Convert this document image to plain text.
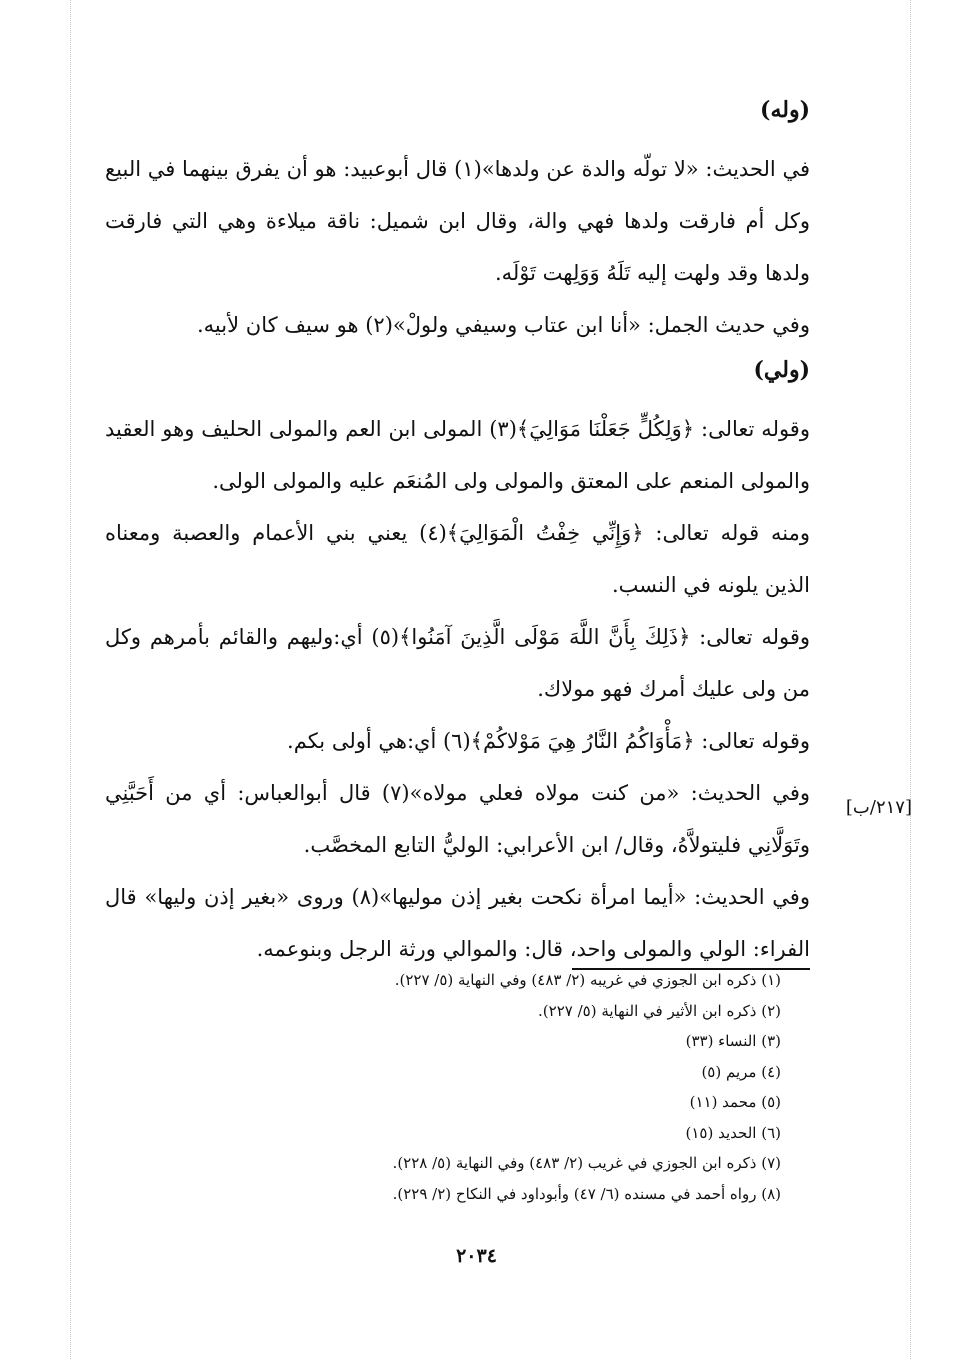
(وله)

في الحديث: «لا تولّه والدة عن ولدها»(١) قال أبوعبيد: هو أن يفرق بينهما في البيع وكل أم فارقت ولدها فهي والة، وقال ابن شميل: ناقة ميلاءة وهي التي فارقت ولدها وقد ولهت إليه تَلَهُ وَوَلِهت تَوْلَه.

وفي حديث الجمل: «أنا ابن عتاب وسيفي ولولْ»(٢) هو سيف كان لأبيه.

(ولي)

وقوله تعالى: ﴿وَلِكُلٍّ جَعَلْنَا مَوَالِيَ﴾(٣) المولى ابن العم والمولى الحليف وهو العقيد والمولى المنعم على المعتق والمولى ولى المُنعَم عليه والمولى الولى.

ومنه قوله تعالى: ﴿وَإِنِّي خِفْتُ الْمَوَالِيَ﴾(٤) يعني بني الأعمام والعصبة ومعناه الذين يلونه في النسب.

وقوله تعالى: ﴿ذَلِكَ بِأَنَّ اللَّهَ مَوْلَى الَّذِينَ آمَنُوا﴾(٥) أي:وليهم والقائم بأمرهم وكل من ولى عليك أمرك فهو مولاك.

وقوله تعالى: ﴿مَأْوَاكُمُ النَّارُ هِيَ مَوْلاكُمْ﴾(٦) أي:هي أولى بكم.

وفي الحديث: «من كنت مولاه فعلي مولاه»(٧) قال أبوالعباس: أي من أَحَبَّنِي وتَوَلَّانِي فليتولاَّهُ، وقال/ ابن الأعرابي: الوليُّ التابع المخصَّب.

وفي الحديث: «أيما امرأة نكحت بغير إذن موليها»(٨) وروى «بغير إذن وليها» قال الفراء: الولي والمولى واحد، قال: والموالي ورثة الرجل وبنوعمه.

[٢١٧/ب]

(١) ذكره ابن الجوزي في غريبه (٢/ ٤٨٣) وفي النهاية (٥/ ٢٢٧).

(٢) ذكره ابن الأثير في النهاية (٥/ ٢٢٧).

(٣) النساء (٣٣)

(٤) مريم (٥)

(٥) محمد (١١)

(٦) الحديد (١٥)

(٧) ذكره ابن الجوزي في غريب (٢/ ٤٨٣) وفي النهاية (٥/ ٢٢٨).

(٨) رواه أحمد في مسنده (٦/ ٤٧) وأبوداود في النكاح (٢/ ٢٢٩).

٢٠٣٤
